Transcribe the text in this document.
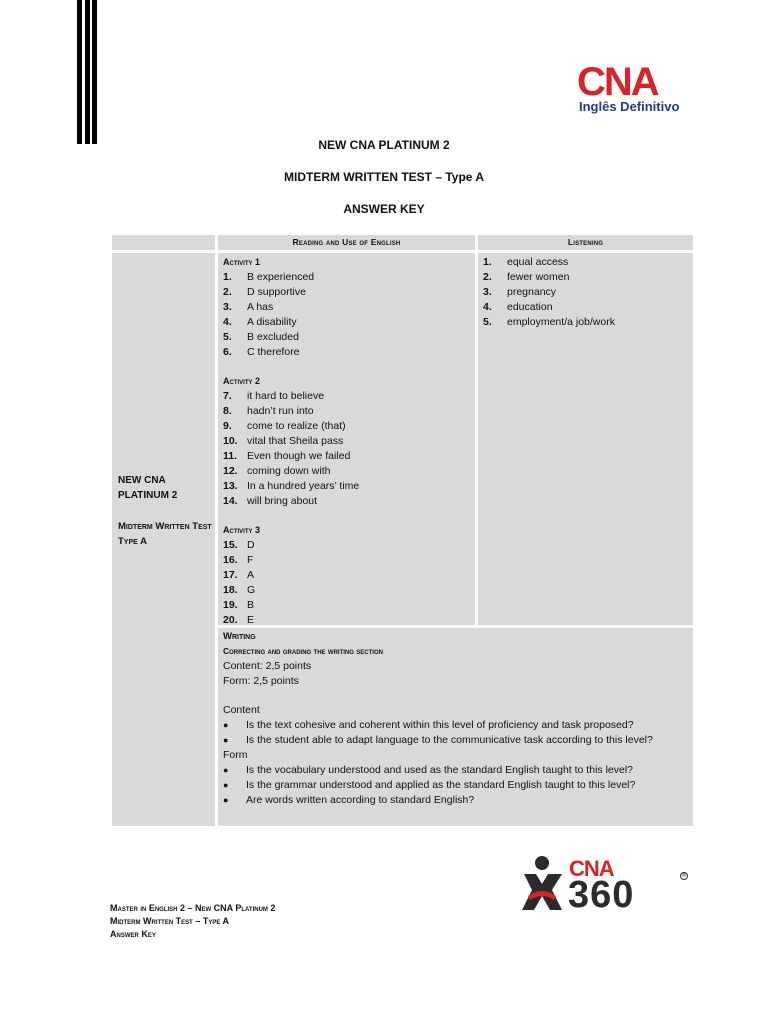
CNA
Inglês Definitivo
NEW CNA PLATINUM 2
MIDTERM WRITTEN TEST – Type A
ANSWER KEY
Reading and Use of English	Listening
NEW CNA PLATINUM 2
Midterm Written Test Type A
Activity 1
1.	B experienced
2.	D supportive
3.	A has
4.	A disability
5.	B excluded
6.	C therefore
Activity 2
7.	it hard to believe
8.	hadn’t run into
9.	come to realize (that)
10. vital that Sheila pass
11. Even though we failed
12. coming down with
13. In a hundred years’ time
14. will bring about
Activity 3
15. D
16. F
17. A
18. G
19. B
20. E
1.	equal access
2.	fewer women
3.	pregnancy
4.	education
5.	employment/a job/work
Writing
Correcting and grading the writing section
Content: 2,5 points
Form: 2,5 points
Content
●	Is the text cohesive and coherent within this level of proficiency and task proposed?
●	Is the student able to adapt language to the communicative task according to this level?
Form
●	Is the vocabulary understood and used as the standard English taught to this level?
●	Is the grammar understood and applied as the standard English taught to this level?
●	Are words written according to standard English?
CNA
360	®
Master in English 2 – New CNA Platinum 2
Midterm Written Test – Type A
Answer Key
